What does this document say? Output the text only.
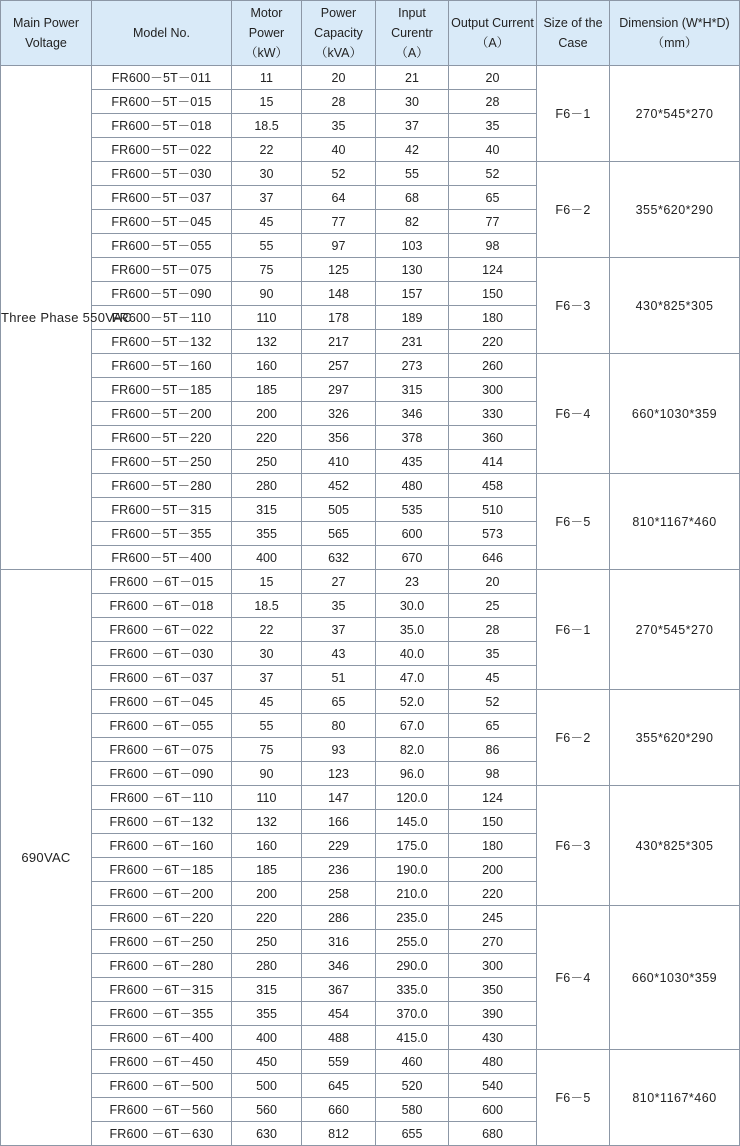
Main Power Voltage	Model No.	Motor Power （kW）	Power Capacity （kVA）	Input Curentr （A）	Output Current （A）	Size of the Case	Dimension (W*H*D) （mm）
Three Phase 550VAC	FR600－5T－011	11	20	21	20	F6－1	270*545*270
	FR600－5T－015	15	28	30	28		
	FR600－5T－018	18.5	35	37	35		
	FR600－5T－022	22	40	42	40		
	FR600－5T－030	30	52	55	52	F6－2	355*620*290
	FR600－5T－037	37	64	68	65		
	FR600－5T－045	45	77	82	77		
	FR600－5T－055	55	97	103	98		
	FR600－5T－075	75	125	130	124	F6－3	430*825*305
	FR600－5T－090	90	148	157	150		
	FR600－5T－110	110	178	189	180		
	FR600－5T－132	132	217	231	220		
	FR600－5T－160	160	257	273	260	F6－4	660*1030*359
	FR600－5T－185	185	297	315	300		
	FR600－5T－200	200	326	346	330		
	FR600－5T－220	220	356	378	360		
	FR600－5T－250	250	410	435	414		
	FR600－5T－280	280	452	480	458	F6－5	810*1167*460
	FR600－5T－315	315	505	535	510		
	FR600－5T－355	355	565	600	573		
	FR600－5T－400	400	632	670	646		
690VAC	FR600 －6T－015	15	27	23	20	F6－1	270*545*270
	FR600 －6T－018	18.5	35	30.0	25		
	FR600 －6T－022	22	37	35.0	28		
	FR600 －6T－030	30	43	40.0	35		
	FR600 －6T－037	37	51	47.0	45		
	FR600 －6T－045	45	65	52.0	52	F6－2	355*620*290
	FR600 －6T－055	55	80	67.0	65		
	FR600 －6T－075	75	93	82.0	86		
	FR600 －6T－090	90	123	96.0	98		
	FR600 －6T－110	110	147	120.0	124	F6－3	430*825*305
	FR600 －6T－132	132	166	145.0	150		
	FR600 －6T－160	160	229	175.0	180		
	FR600 －6T－185	185	236	190.0	200		
	FR600 －6T－200	200	258	210.0	220		
	FR600 －6T－220	220	286	235.0	245	F6－4	660*1030*359
	FR600 －6T－250	250	316	255.0	270		
	FR600 －6T－280	280	346	290.0	300		
	FR600 －6T－315	315	367	335.0	350		
	FR600 －6T－355	355	454	370.0	390		
	FR600 －6T－400	400	488	415.0	430		
	FR600 －6T－450	450	559	460	480	F6－5	810*1167*460
	FR600 －6T－500	500	645	520	540		
	FR600 －6T－560	560	660	580	600		
	FR600 －6T－630	630	812	655	680		
